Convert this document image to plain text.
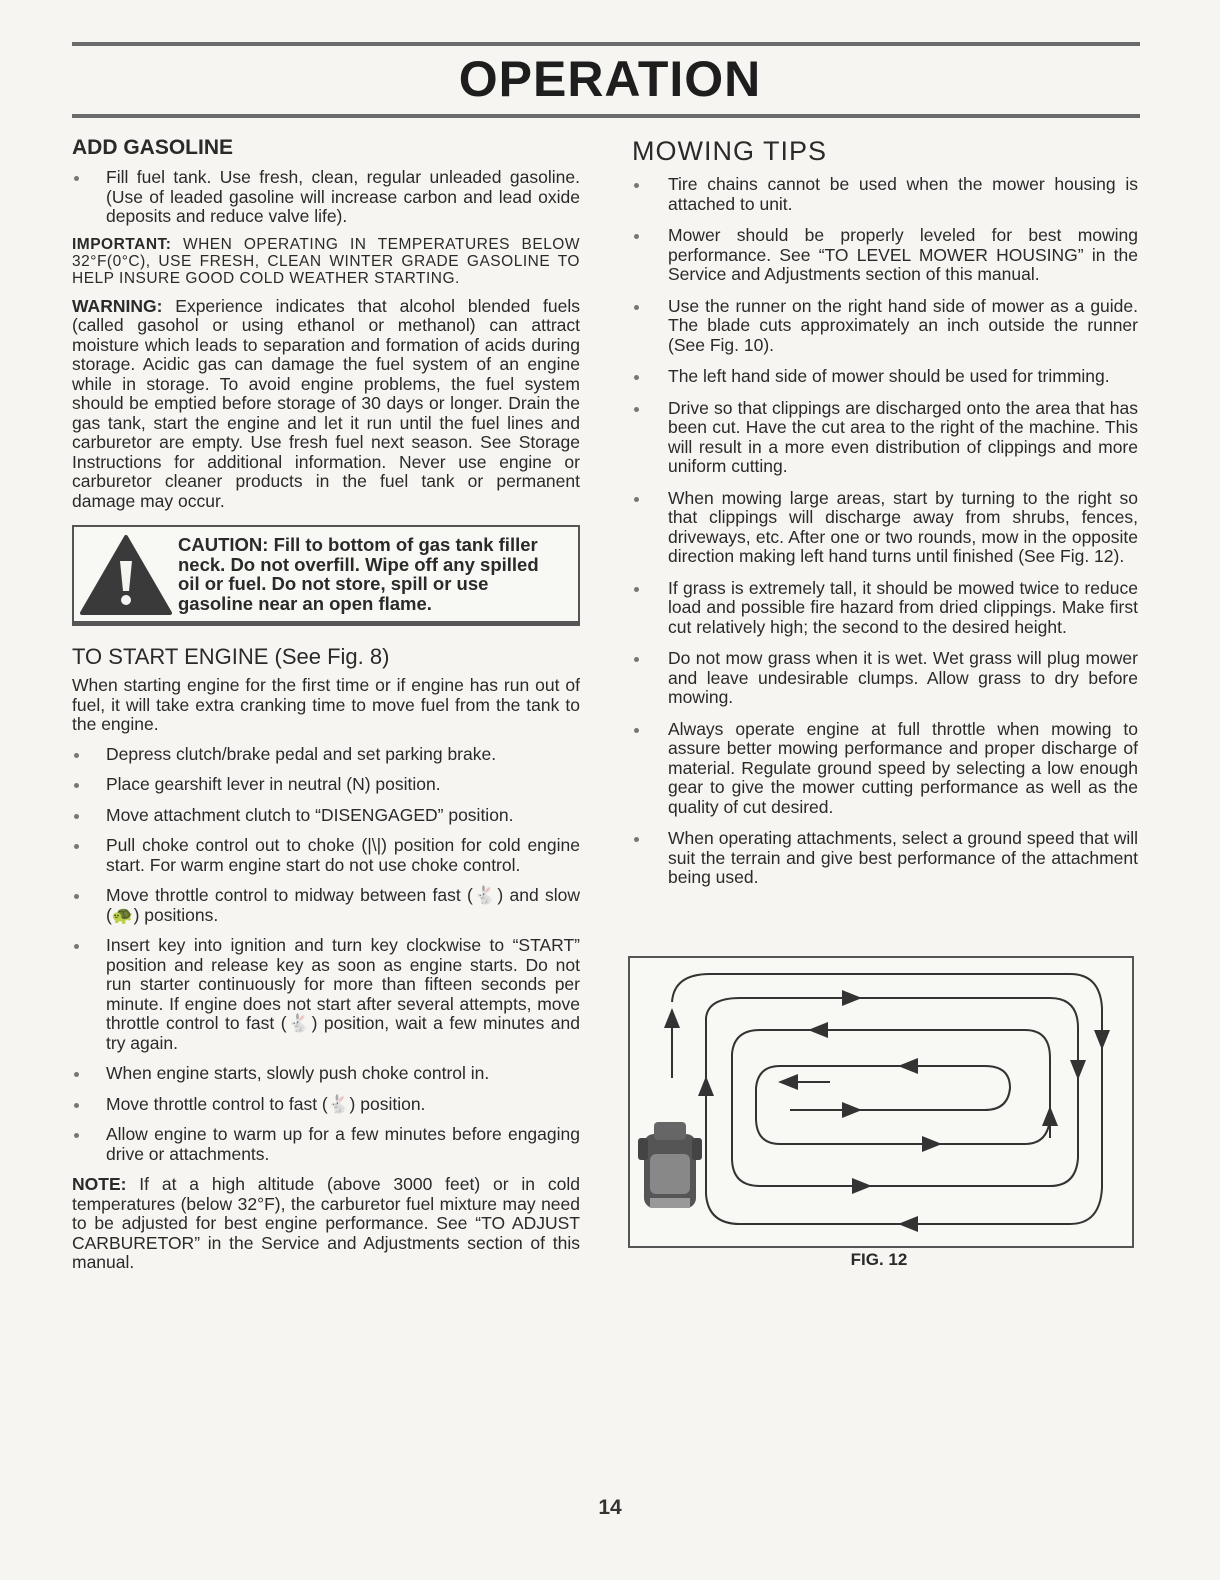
OPERATION
ADD GASOLINE
Fill fuel tank. Use fresh, clean, regular unleaded gasoline. (Use of leaded gasoline will increase carbon and lead oxide deposits and reduce valve life).

IMPORTANT: WHEN OPERATING IN TEMPERATURES BELOW 32°F(0°C), USE FRESH, CLEAN WINTER GRADE GASOLINE TO HELP INSURE GOOD COLD WEATHER STARTING.

WARNING: Experience indicates that alcohol blended fuels (called gasohol or using ethanol or methanol) can attract moisture which leads to separation and formation of acids during storage. Acidic gas can damage the fuel system of an engine while in storage. To avoid engine problems, the fuel system should be emptied before storage of 30 days or longer. Drain the gas tank, start the engine and let it run until the fuel lines and carburetor are empty. Use fresh fuel next season. See Storage Instructions for additional information. Never use engine or carburetor cleaner products in the fuel tank or permanent damage may occur.

CAUTION: Fill to bottom of gas tank filler neck. Do not overfill. Wipe off any spilled oil or fuel. Do not store, spill or use gasoline near an open flame.
TO START ENGINE (See Fig. 8)

When starting engine for the first time or if engine has run out of fuel, it will take extra cranking time to move fuel from the tank to the engine.

Depress clutch/brake pedal and set parking brake.
Place gearshift lever in neutral (N) position.
Move attachment clutch to “DISENGAGED” position.
Pull choke control out to choke (|\|) position for cold engine start. For warm engine start do not use choke control.
Move throttle control to midway between fast (🐇) and slow (🐢) positions.
Insert key into ignition and turn key clockwise to “START” position and release key as soon as engine starts. Do not run starter continuously for more than fifteen seconds per minute. If engine does not start after several attempts, move throttle control to fast (🐇) position, wait a few minutes and try again.
When engine starts, slowly push choke control in.
Move throttle control to fast (🐇) position.
Allow engine to warm up for a few minutes before engaging drive or attachments.

NOTE: If at a high altitude (above 3000 feet) or in cold temperatures (below 32°F), the carburetor fuel mixture may need to be adjusted for best engine performance. See “TO ADJUST CARBURETOR” in the Service and Adjustments section of this manual.

MOWING TIPS
Tire chains cannot be used when the mower housing is attached to unit.
Mower should be properly leveled for best mowing performance. See “TO LEVEL MOWER HOUSING” in the Service and Adjustments section of this manual.
Use the runner on the right hand side of mower as a guide. The blade cuts approximately an inch outside the runner (See Fig. 10).
The left hand side of mower should be used for trimming.
Drive so that clippings are discharged onto the area that has been cut. Have the cut area to the right of the machine. This will result in a more even distribution of clippings and more uniform cutting.
When mowing large areas, start by turning to the right so that clippings will discharge away from shrubs, fences, driveways, etc. After one or two rounds, mow in the opposite direction making left hand turns until finished (See Fig. 12).
If grass is extremely tall, it should be mowed twice to reduce load and possible fire hazard from dried clippings. Make first cut relatively high; the second to the desired height.
Do not mow grass when it is wet. Wet grass will plug mower and leave undesirable clumps. Allow grass to dry before mowing.
Always operate engine at full throttle when mowing to assure better mowing performance and proper discharge of material. Regulate ground speed by selecting a low enough gear to give the mower cutting performance as well as the quality of cut desired.
When operating attachments, select a ground speed that will suit the terrain and give best performance of the attachment being used.
FIG. 12
14
